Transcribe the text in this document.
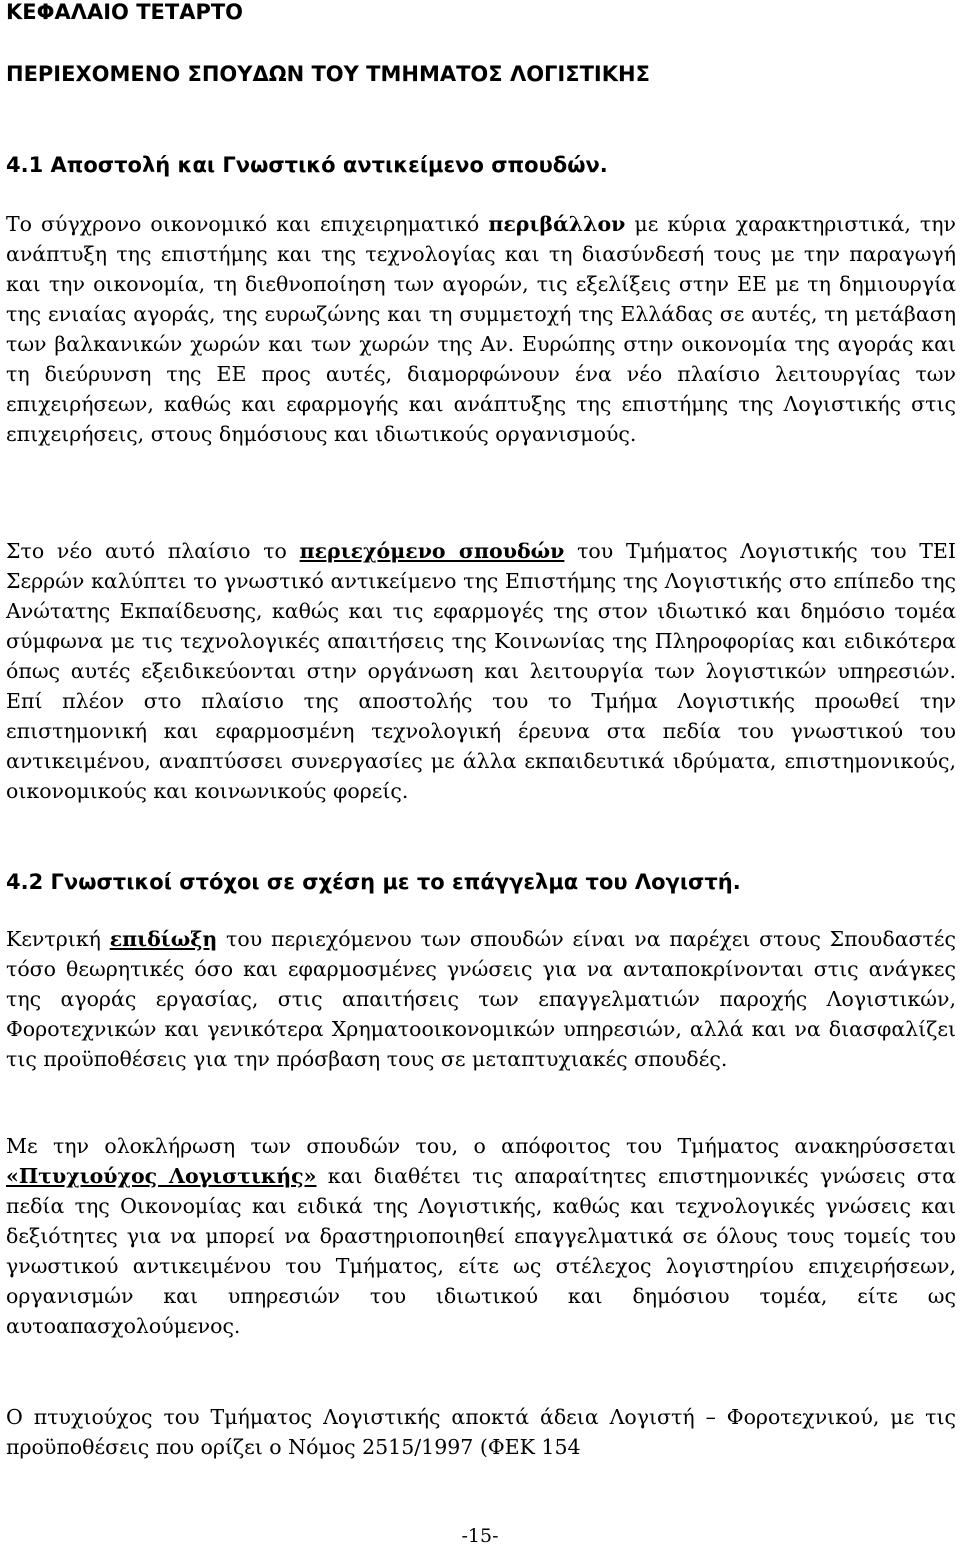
ΚΕΦΑΛΑΙΟ ΤΕΤΑΡΤΟ
ΠΕΡΙΕΧΟΜΕΝΟ ΣΠΟΥΔΩΝ ΤΟΥ ΤΜΗΜΑΤΟΣ ΛΟΓΙΣΤΙΚΗΣ
4.1 Αποστολή και Γνωστικό αντικείμενο σπουδών.

Το σύγχρονο οικονομικό και επιχειρηματικό περιβάλλον με κύρια χαρακτηριστικά, την ανάπτυξη της επιστήμης και της τεχνολογίας και τη διασύνδεσή τους με την παραγωγή και την οικονομία, τη διεθνοποίηση των αγορών, τις εξελίξεις στην ΕΕ με τη δημιουργία της ενιαίας αγοράς, της ευρωζώνης και τη συμμετοχή της Ελλάδας σε αυτές, τη μετάβαση των βαλκανικών χωρών και των χωρών της Αν. Ευρώπης στην οικονομία της αγοράς και τη διεύρυνση της ΕΕ προς αυτές, διαμορφώνουν ένα νέο πλαίσιο λειτουργίας των επιχειρήσεων, καθώς και εφαρμογής και ανάπτυξης της επιστήμης της Λογιστικής στις επιχειρήσεις, στους δημόσιους και ιδιωτικούς οργανισμούς.

Στο νέο αυτό πλαίσιο το περιεχόμενο σπουδών του Τμήματος Λογιστικής του ΤΕΙ Σερρών καλύπτει το γνωστικό αντικείμενο της Επιστήμης της Λογιστικής στο επίπεδο της Ανώτατης Εκπαίδευσης, καθώς και τις εφαρμογές της στον ιδιωτικό και δημόσιο τομέα σύμφωνα με τις τεχνολογικές απαιτήσεις της Κοινωνίας της Πληροφορίας και ειδικότερα όπως αυτές εξειδικεύονται στην οργάνωση και λειτουργία των λογιστικών υπηρεσιών. Επί πλέον στο πλαίσιο της αποστολής του το Τμήμα Λογιστικής προωθεί την επιστημονική και εφαρμοσμένη τεχνολογική έρευνα στα πεδία του γνωστικού του αντικειμένου, αναπτύσσει συνεργασίες με άλλα εκπαιδευτικά ιδρύματα, επιστημονικούς, οικονομικούς και κοινωνικούς φορείς.

4.2 Γνωστικοί στόχοι σε σχέση με το επάγγελμα του Λογιστή.

Κεντρική επιδίωξη του περιεχόμενου των σπουδών είναι να παρέχει στους Σπουδαστές τόσο θεωρητικές όσο και εφαρμοσμένες γνώσεις για να ανταποκρίνονται στις ανάγκες της αγοράς εργασίας, στις απαιτήσεις των επαγγελματιών παροχής Λογιστικών, Φοροτεχνικών και γενικότερα Χρηματοοικονομικών υπηρεσιών, αλλά και να διασφαλίζει τις προϋποθέσεις για την πρόσβαση τους σε μεταπτυχιακές σπουδές.

Με την ολοκλήρωση των σπουδών του, ο απόφοιτος του Τμήματος ανακηρύσσεται «Πτυχιούχος Λογιστικής» και διαθέτει τις απαραίτητες επιστημονικές γνώσεις στα πεδία της Οικονομίας και ειδικά της Λογιστικής, καθώς και τεχνολογικές γνώσεις και δεξιότητες για να μπορεί να δραστηριοποιηθεί επαγγελματικά σε όλους τους τομείς του γνωστικού αντικειμένου του Τμήματος, είτε ως στέλεχος λογιστηρίου επιχειρήσεων, οργανισμών και υπηρεσιών του ιδιωτικού και δημόσιου τομέα, είτε ως αυτοαπασχολούμενος.

Ο πτυχιούχος του Τμήματος Λογιστικής αποκτά άδεια Λογιστή – Φοροτεχνικού, με τις προϋποθέσεις που ορίζει ο Νόμος 2515/1997 (ΦΕΚ 154

-15-
